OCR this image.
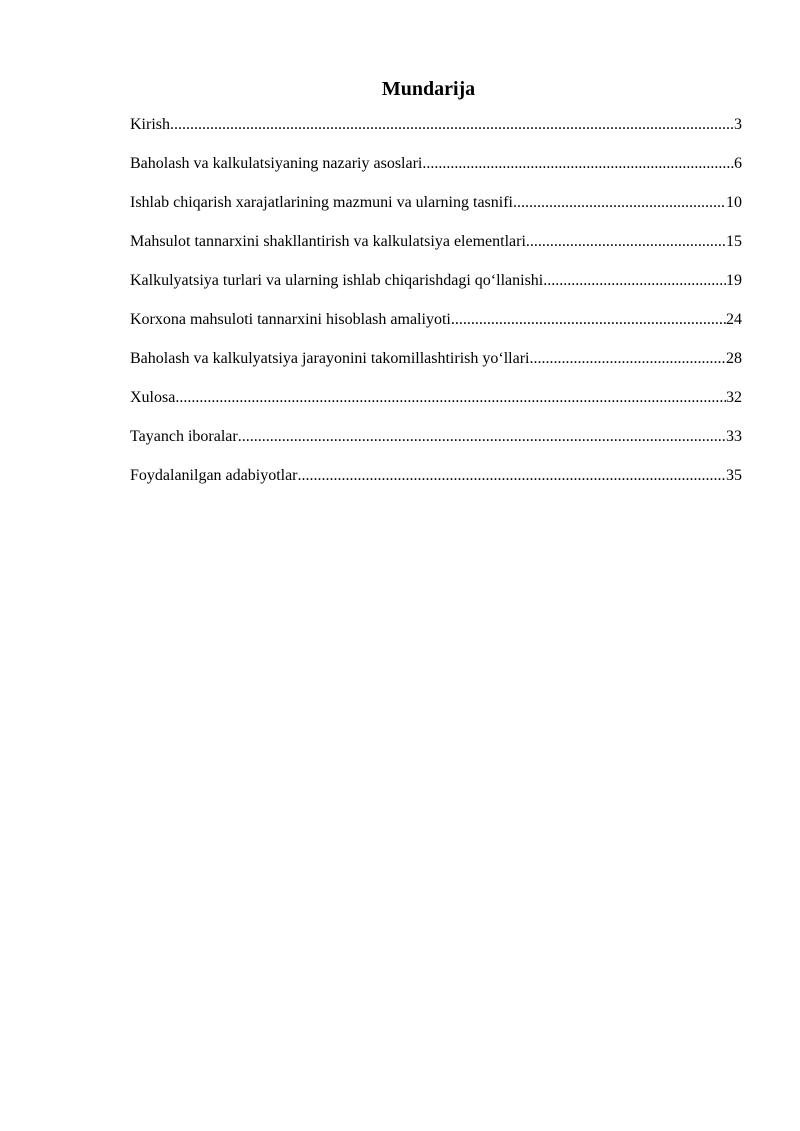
Mundarija
Kirish .....	3
Baholash va kalkulatsiyaning nazariy asoslari .....	6
Ishlab chiqarish xarajatlarining mazmuni va ularning tasnifi .....	10
Mahsulot tannarxini shakllantirish va kalkulatsiya elementlari .....	15
Kalkulyatsiya turlari va ularning ishlab chiqarishdagi qo‘llanishi .....	19
Korxona mahsuloti tannarxini hisoblash amaliyoti .....	24
Baholash va kalkulyatsiya jarayonini takomillashtirish yo‘llari .....	28
Xulosa .....	32
Tayanch iboralar .....	33
Foydalanilgan adabiyotlar .....	35
